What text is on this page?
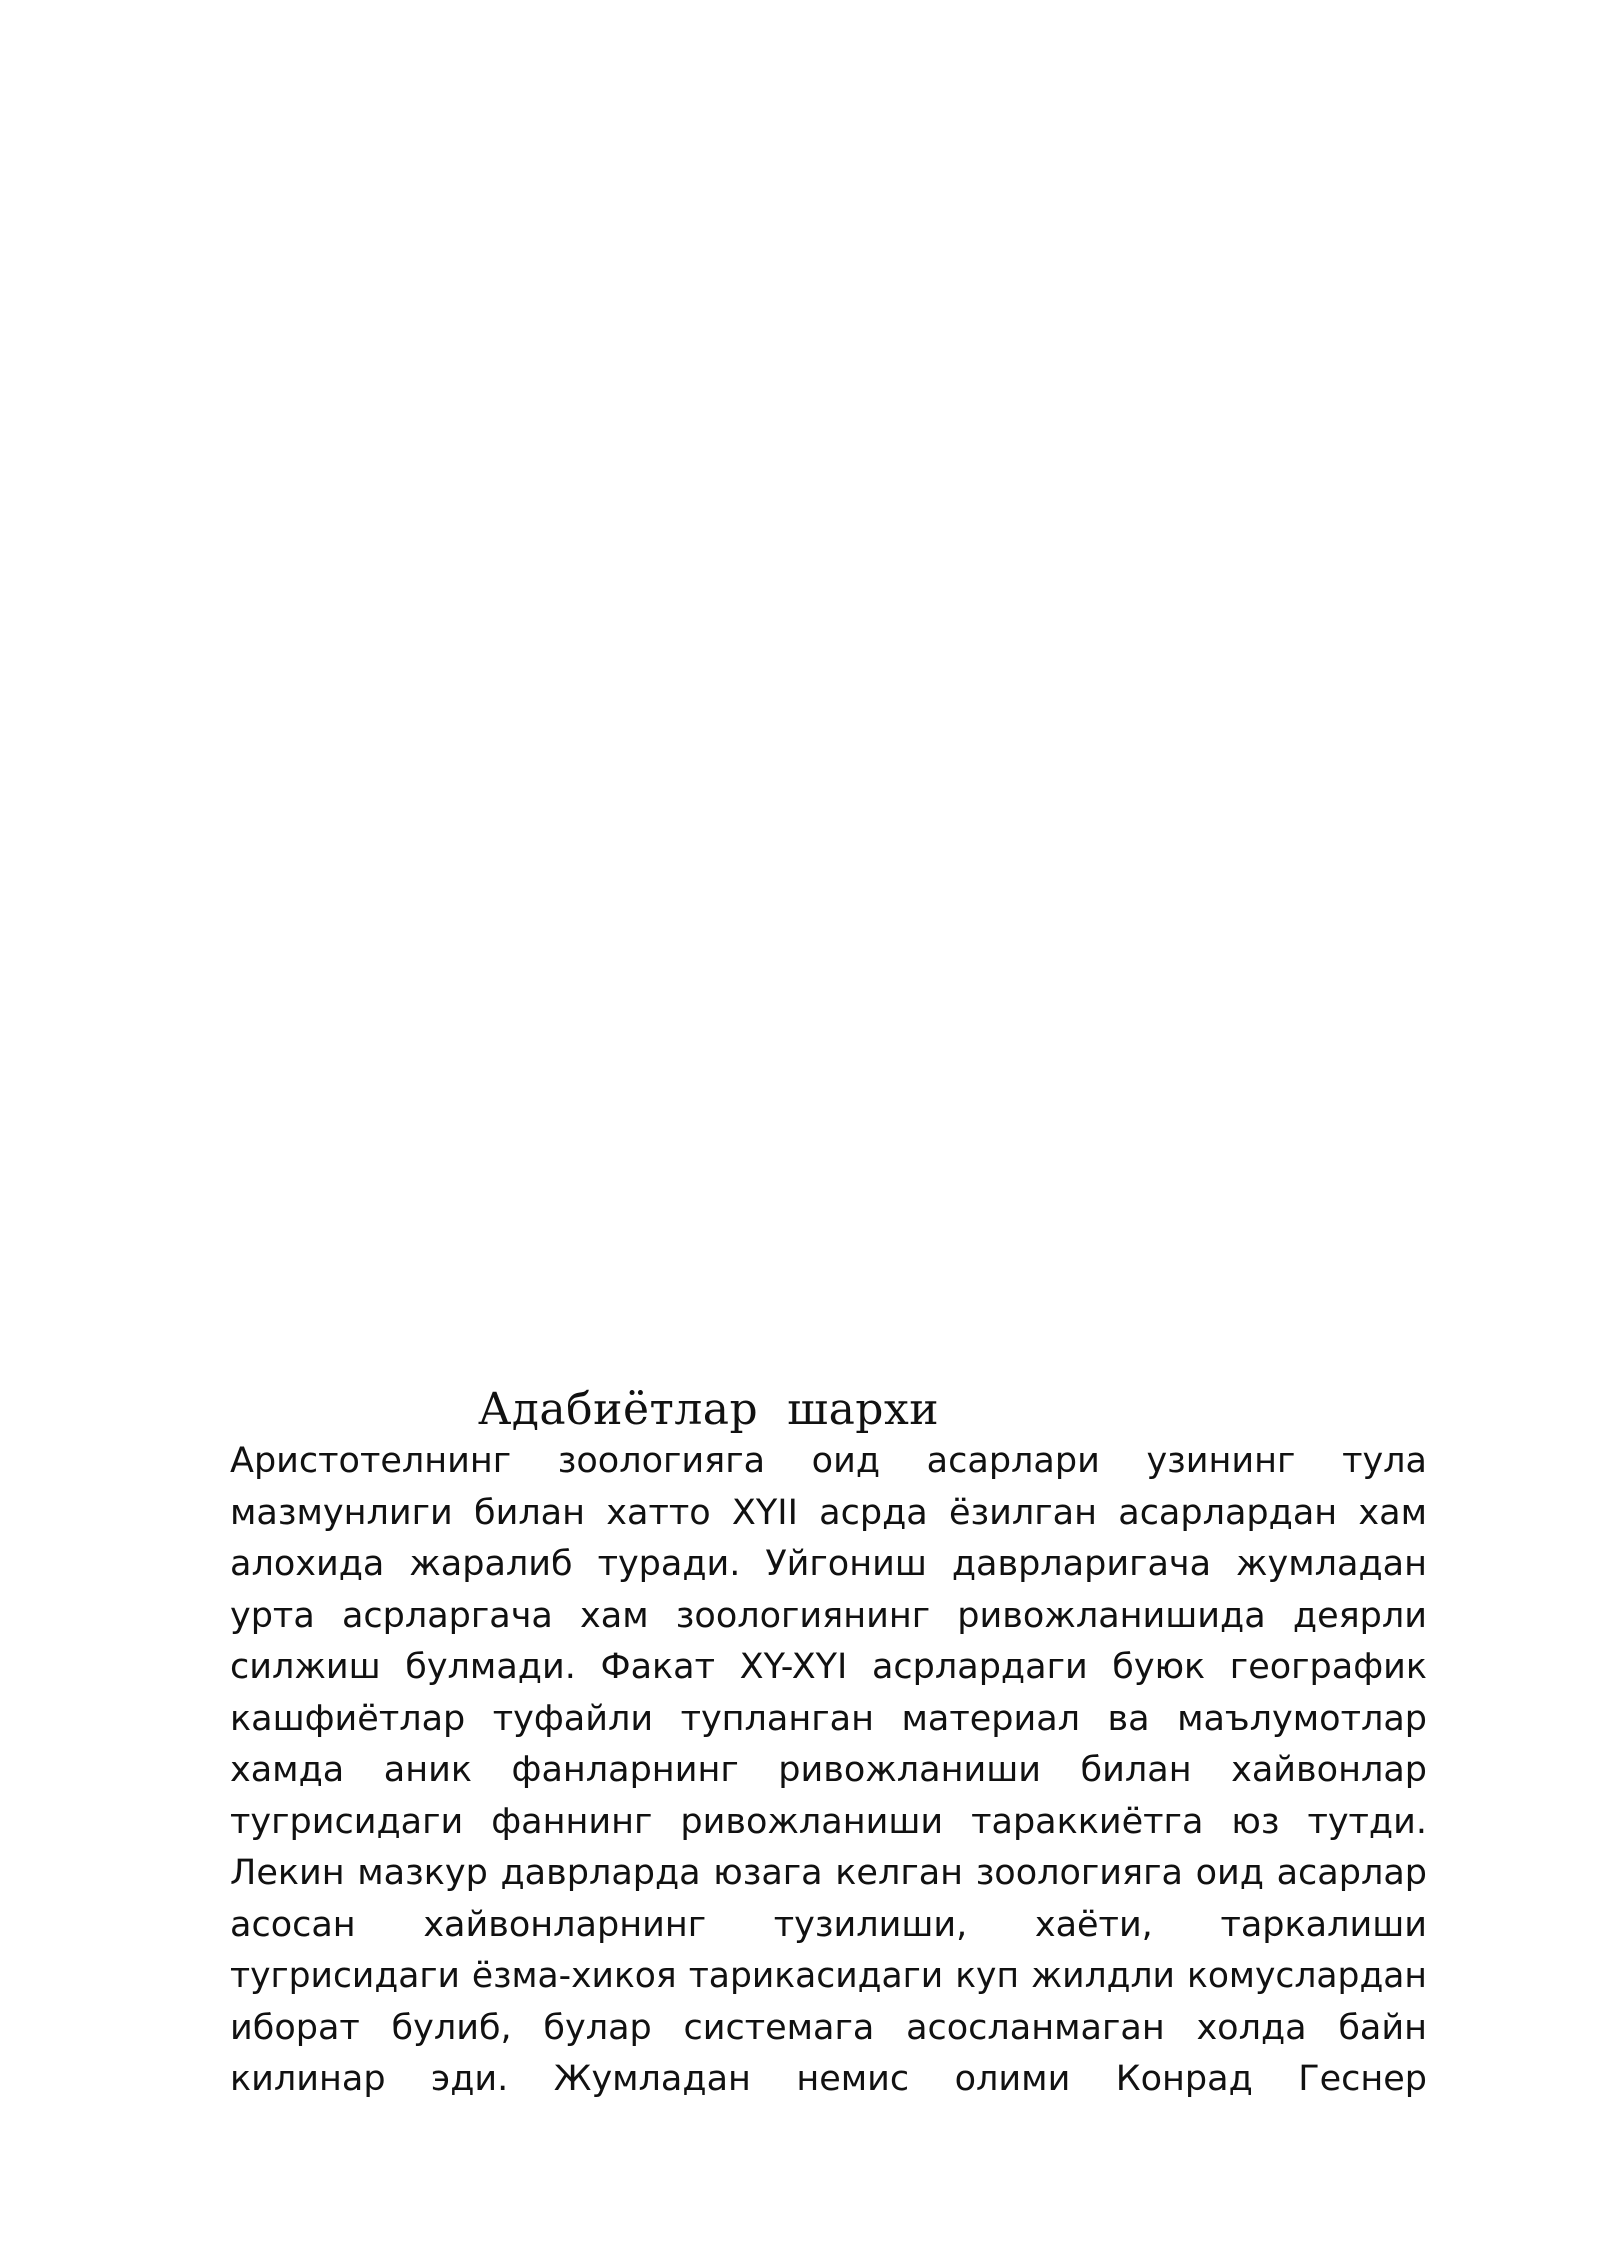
Адабиётлар  шархи
Аристотелнинг зоологияга оид асарлари узининг тула
мазмунлиги билан хатто XYII асрда ёзилган асарлардан хам
алохида жаралиб туради. Уйгониш даврларигача жумладан
урта асрларгача хам зоологиянинг ривожланишида деярли
силжиш булмади. Факат XY-XYI асрлардаги буюк географик
кашфиётлар туфайли тупланган материал ва маълумотлар
хамда аник фанларнинг ривожланиши билан хайвонлар
тугрисидаги фаннинг ривожланиши тараккиётга юз тутди.
Лекин мазкур даврларда юзага келган зоологияга оид асарлар
асосан хайвонларнинг тузилиши, хаёти, таркалиши
тугрисидаги ёзма-хикоя тарикасидаги куп жилдли комуслардан
иборат булиб, булар системага асосланмаган холда байн
килинар эди. Жумладан немис олими Конрад Геснер
